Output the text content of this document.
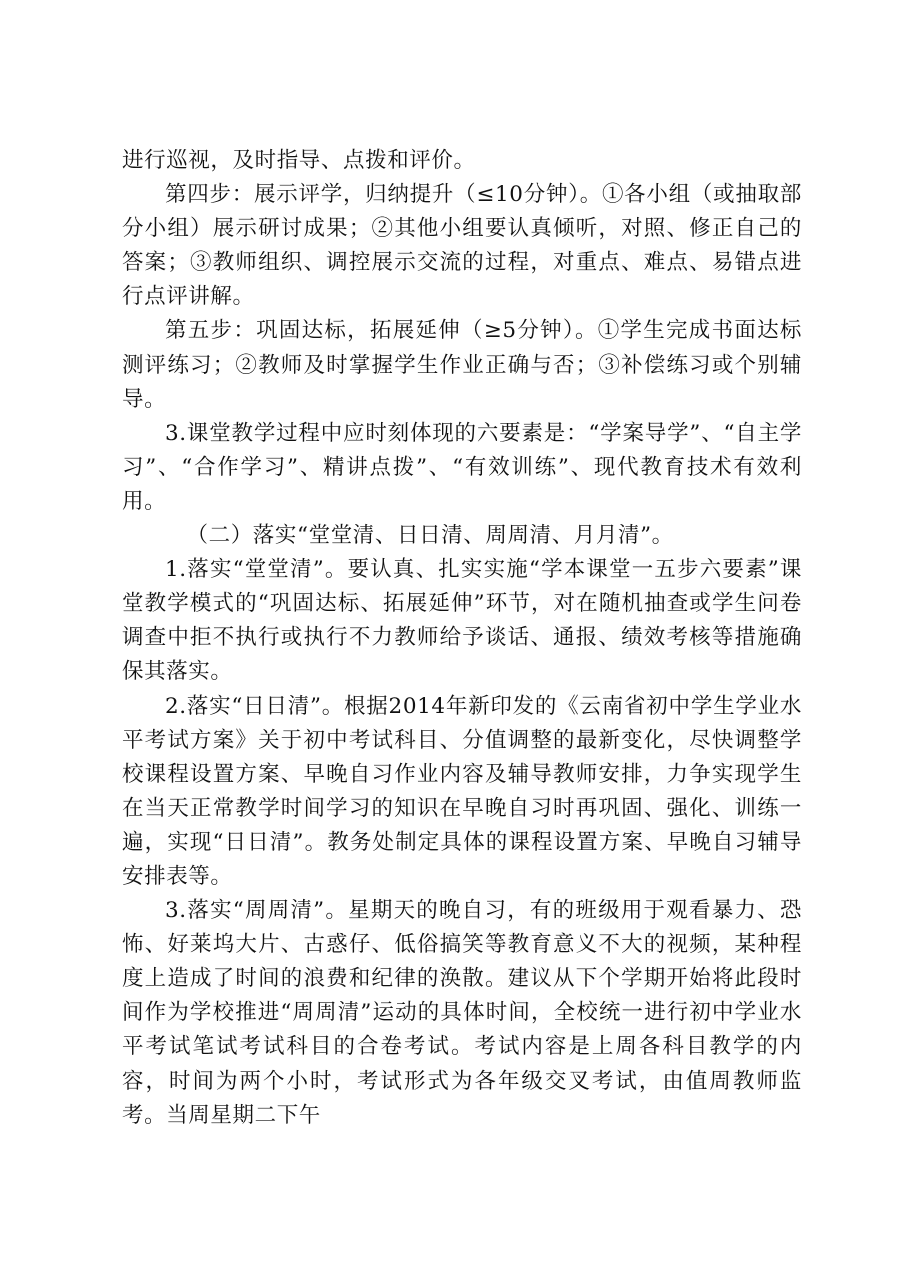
进行巡视，及时指导、点拨和评价。

第四步：展示评学，归纳提升（≤10分钟）。①各小组（或抽取部分小组）展示研讨成果；②其他小组要认真倾听，对照、修正自己的答案；③教师组织、调控展示交流的过程，对重点、难点、易错点进行点评讲解。

第五步：巩固达标，拓展延伸（≥5分钟）。①学生完成书面达标测评练习；②教师及时掌握学生作业正确与否；③补偿练习或个别辅导。

3.课堂教学过程中应时刻体现的六要素是：“学案导学”、“自主学习”、“合作学习”、精讲点拨”、“有效训练”、现代教育技术有效利用。

（二）落实“堂堂清、日日清、周周清、月月清”。

1.落实“堂堂清”。要认真、扎实实施“学本课堂一五步六要素”课堂教学模式的“巩固达标、拓展延伸”环节，对在随机抽查或学生问卷调查中拒不执行或执行不力教师给予谈话、通报、绩效考核等措施确保其落实。

2.落实“日日清”。根据2014年新印发的《云南省初中学生学业水平考试方案》关于初中考试科目、分值调整的最新变化，尽快调整学校课程设置方案、早晚自习作业内容及辅导教师安排，力争实现学生在当天正常教学时间学习的知识在早晚自习时再巩固、强化、训练一遍，实现“日日清”。教务处制定具体的课程设置方案、早晚自习辅导安排表等。

3.落实“周周清”。星期天的晚自习，有的班级用于观看暴力、恐怖、好莱坞大片、古惑仔、低俗搞笑等教育意义不大的视频，某种程度上造成了时间的浪费和纪律的涣散。建议从下个学期开始将此段时间作为学校推进“周周清”运动的具体时间，全校统一进行初中学业水平考试笔试考试科目的合卷考试。考试内容是上周各科目教学的内容，时间为两个小时，考试形式为各年级交叉考试，由值周教师监考。当周星期二下午
